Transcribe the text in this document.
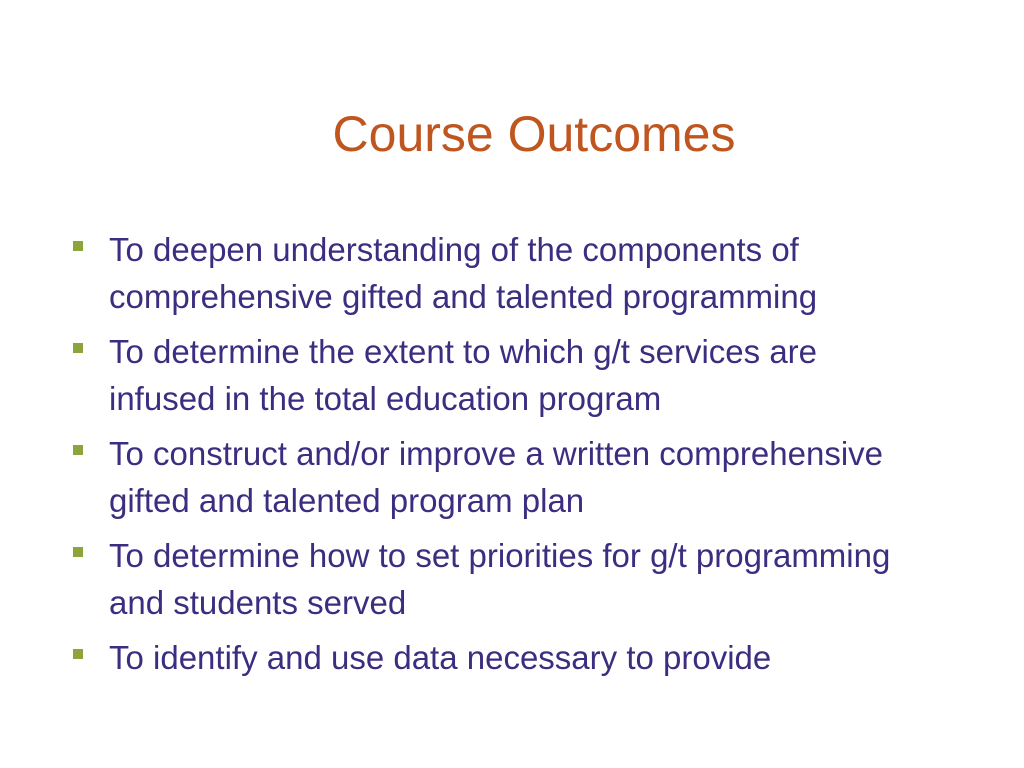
Course Outcomes
To deepen understanding of the components of comprehensive gifted and talented programming
To determine the extent to which g/t services are infused in the total education program
To construct and/or improve a written comprehensive gifted and talented program plan
To determine how to set priorities for g/t programming and students served
To identify and use data necessary to provide
